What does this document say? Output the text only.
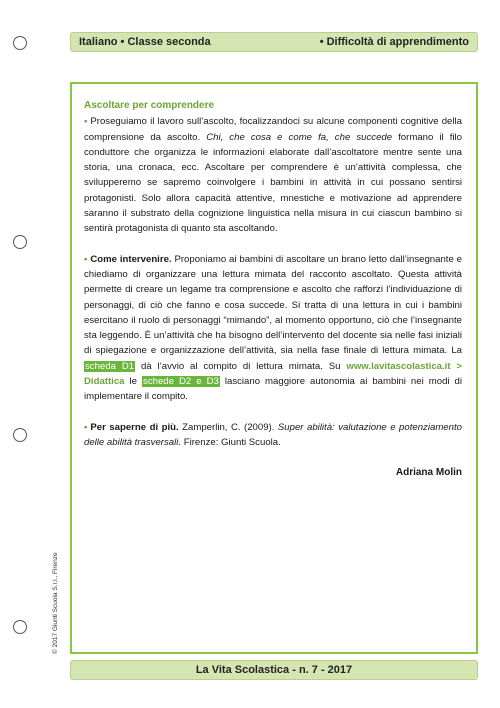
Italiano • Classe seconda	• Difficoltà di apprendimento
Ascoltare per comprendere

• Proseguiamo il lavoro sull’ascolto, focalizzandoci su alcune componenti cognitive della comprensione da ascolto. Chi, che cosa e come fa, che succede formano il filo conduttore che organizza le informazioni elaborate dall’ascoltatore mentre sente una storia, una cronaca, ecc. Ascoltare per comprendere è un’attività complessa, che svilupperemo se sapremo coinvolgere i bambini in attività in cui possano sentirsi protagonisti. Solo allora capacità attentive, mnestiche e motivazione ad apprendere saranno il substrato della cognizione linguistica nella misura in cui ciascun bambino si sentirà protagonista di quanto sta ascoltando.

• Come intervenire. Proponiamo ai bambini di ascoltare un brano letto dall’insegnante e chiediamo di organizzare una lettura mimata del racconto ascoltato. Questa attività permette di creare un legame tra comprensione e ascolto che rafforzi l’individuazione di personaggi, di ciò che fanno e cosa succede. Si tratta di una lettura in cui i bambini esercitano il ruolo di personaggi “mimando”, al momento opportuno, ciò che l’insegnante sta leggendo. È un’attività che ha bisogno dell’intervento del docente sia nelle fasi iniziali di spiegazione e organizzazione dell’attività, sia nella fase finale di lettura mimata. La scheda D1 dà l’avvio al compito di lettura mimata. Su www.lavitascolastica.it > Didattica le schede D2 e D3 lasciano maggiore autonomia ai bambini nei modi di implementare il compito.

• Per saperne di più. Zamperlin, C. (2009). Super abilità: valutazione e potenziamento delle abilità trasversali. Firenze: Giunti Scuola.

Adriana Molin
© 2017 Giunti Scuola S.r.l., Firenze
La Vita Scolastica - n. 7 - 2017
